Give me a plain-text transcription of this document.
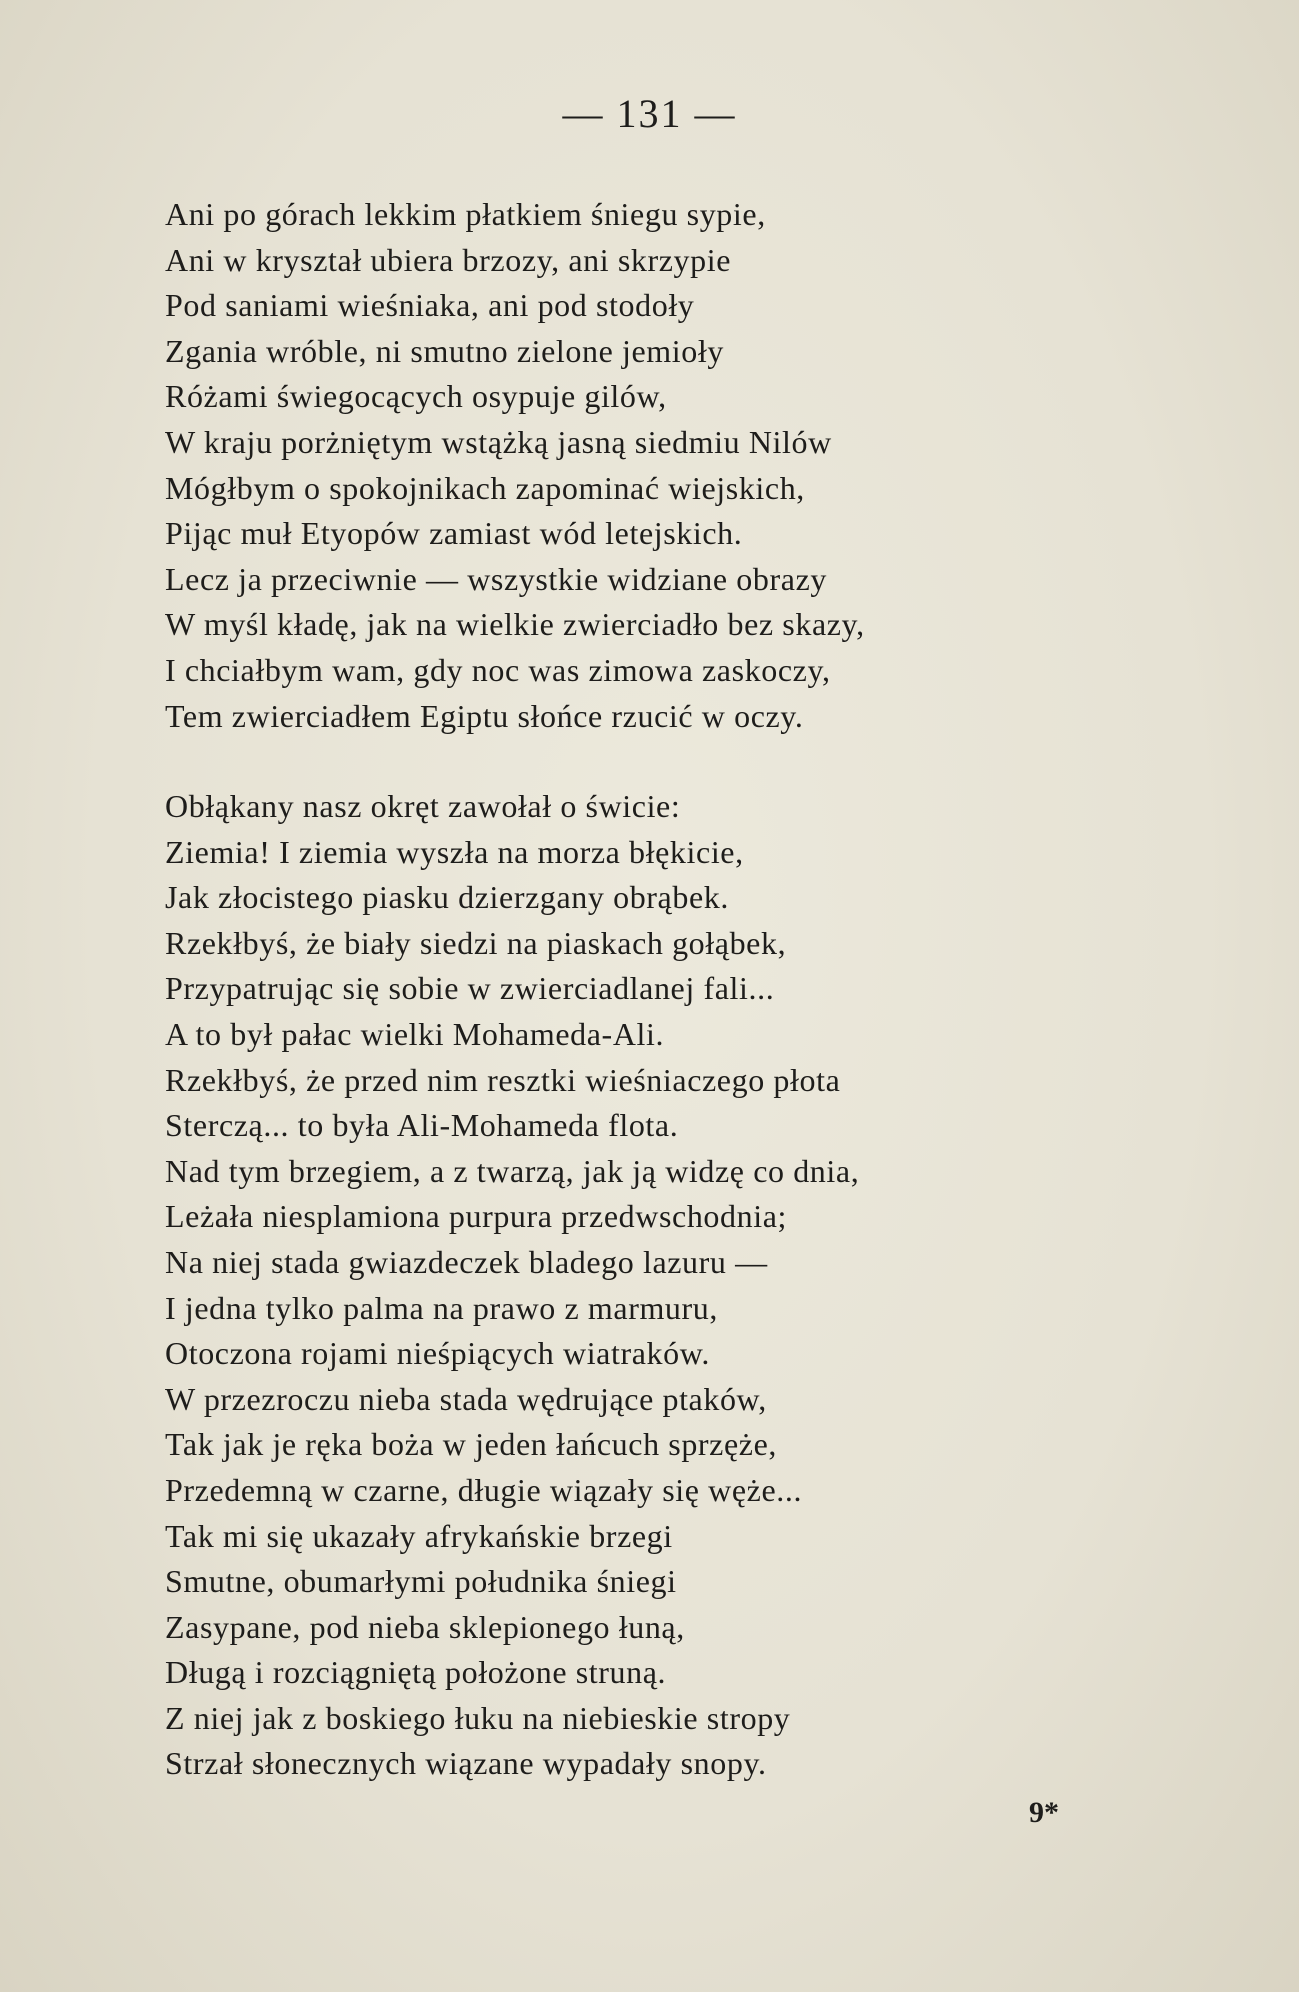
— 131 —
Ani po górach lekkim płatkiem śniegu sypie,
Ani w kryształ ubiera brzozy, ani skrzypie
Pod saniami wieśniaka, ani pod stodoły
Zgania wróble, ni smutno zielone jemioły
Różami świegocących osypuje gilów,
W kraju porżniętym wstążką jasną siedmiu Nilów
Mógłbym o spokojnikach zapominać wiejskich,
Pijąc muł Etyopów zamiast wód letejskich.
Lecz ja przeciwnie — wszystkie widziane obrazy
W myśl kładę, jak na wielkie zwierciadło bez skazy,
I chciałbym wam, gdy noc was zimowa zaskoczy,
Tem zwierciadłem Egiptu słońce rzucić w oczy.
Obłąkany nasz okręt zawołał o świcie:
Ziemia! I ziemia wyszła na morza błękicie,
Jak złocistego piasku dzierzgany obrąbek.
Rzekłbyś, że biały siedzi na piaskach gołąbek,
Przypatrując się sobie w zwierciadlanej fali...
A to był pałac wielki Mohameda-Ali.
Rzekłbyś, że przed nim resztki wieśniaczego płota
Sterczą... to była Ali-Mohameda flota.
Nad tym brzegiem, a z twarzą, jak ją widzę co dnia,
Leżała niesplamiona purpura przedwschodnia;
Na niej stada gwiazdeczek bladego lazuru —
I jedna tylko palma na prawo z marmuru,
Otoczona rojami nieśpiących wiatraków.
W przezroczu nieba stada wędrujące ptaków,
Tak jak je ręka boża w jeden łańcuch sprzęże,
Przedemną w czarne, długie wiązały się węże...
Tak mi się ukazały afrykańskie brzegi
Smutne, obumarłymi południka śniegi
Zasypane, pod nieba sklepionego łuną,
Długą i rozciągniętą położone struną.
Z niej jak z boskiego łuku na niebieskie stropy
Strzał słonecznych wiązane wypadały snopy.
9*
